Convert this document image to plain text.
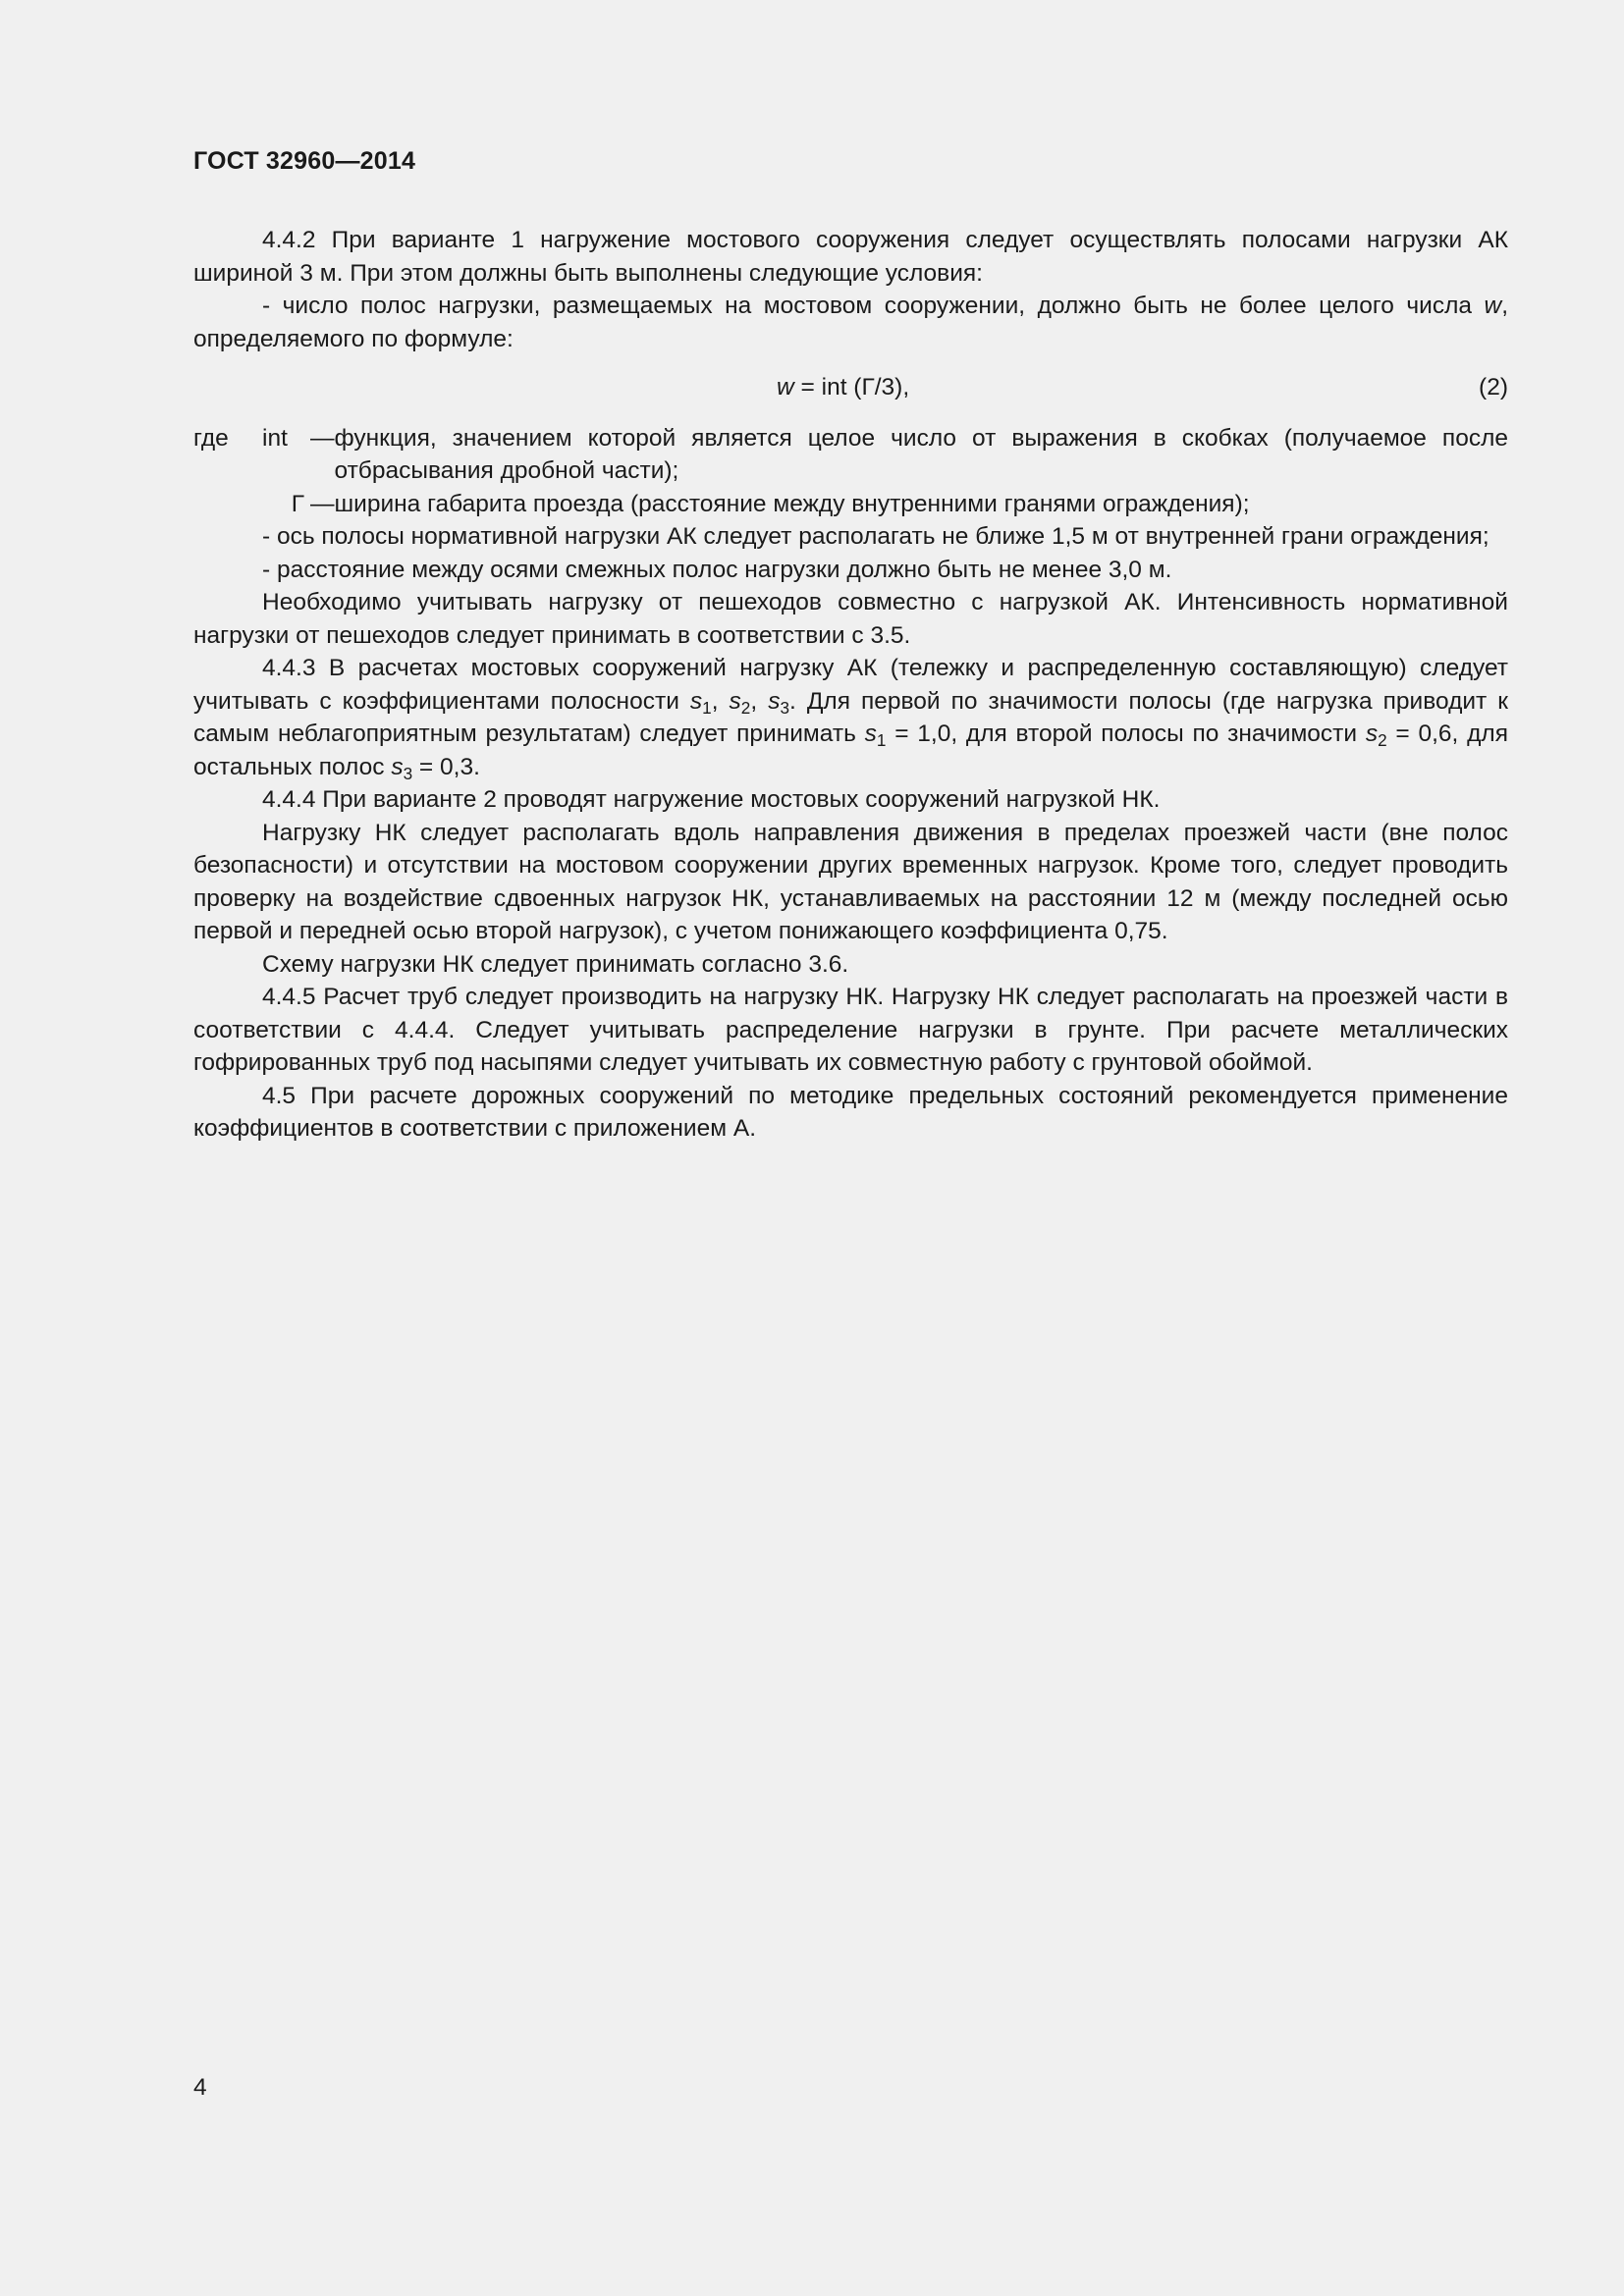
ГОСТ 32960—2014

4.4.2 При варианте 1 нагружение мостового сооружения следует осуществлять полосами нагрузки АК шириной 3 м. При этом должны быть выполнены следующие условия:

- число полос нагрузки, размещаемых на мостовом сооружении, должно быть не более целого числа w, определяемого по формуле:

w = int (Г/3),	(2)
где int	—	функция, значением которой является целое число от выражения в скобках (получаемое после отбрасывания дробной части);
Г	—	ширина габарита проезда (расстояние между внутренними гранями ограждения);

- ось полосы нормативной нагрузки АК следует располагать не ближе 1,5 м от внутренней грани ограждения;

- расстояние между осями смежных полос нагрузки должно быть не менее 3,0 м.

Необходимо учитывать нагрузку от пешеходов совместно с нагрузкой АК. Интенсивность нормативной нагрузки от пешеходов следует принимать в соответствии с 3.5.

4.4.3 В расчетах мостовых сооружений нагрузку АК (тележку и распределенную составляющую) следует учитывать с коэффициентами полосности $s_1$, $s_2$, $s_3$. Для первой по значимости полосы (где нагрузка приводит к самым неблагоприятным результатам) следует принимать $s_1 = 1,0$, для второй полосы по значимости $s_2 = 0,6$, для остальных полос $s_3 = 0,3$.

4.4.4 При варианте 2 проводят нагружение мостовых сооружений нагрузкой НК.

Нагрузку НК следует располагать вдоль направления движения в пределах проезжей части (вне полос безопасности) и отсутствии на мостовом сооружении других временных нагрузок. Кроме того, следует проводить проверку на воздействие сдвоенных нагрузок НК, устанавливаемых на расстоянии 12 м (между последней осью первой и передней осью второй нагрузок), с учетом понижающего коэффициента 0,75.

Схему нагрузки НК следует принимать согласно 3.6.

4.4.5 Расчет труб следует производить на нагрузку НК. Нагрузку НК следует располагать на проезжей части в соответствии с 4.4.4. Следует учитывать распределение нагрузки в грунте. При расчете металлических гофрированных труб под насыпями следует учитывать их совместную работу с грунтовой обоймой.

4.5 При расчете дорожных сооружений по методике предельных состояний рекомендуется применение коэффициентов в соответствии с приложением А.

4
